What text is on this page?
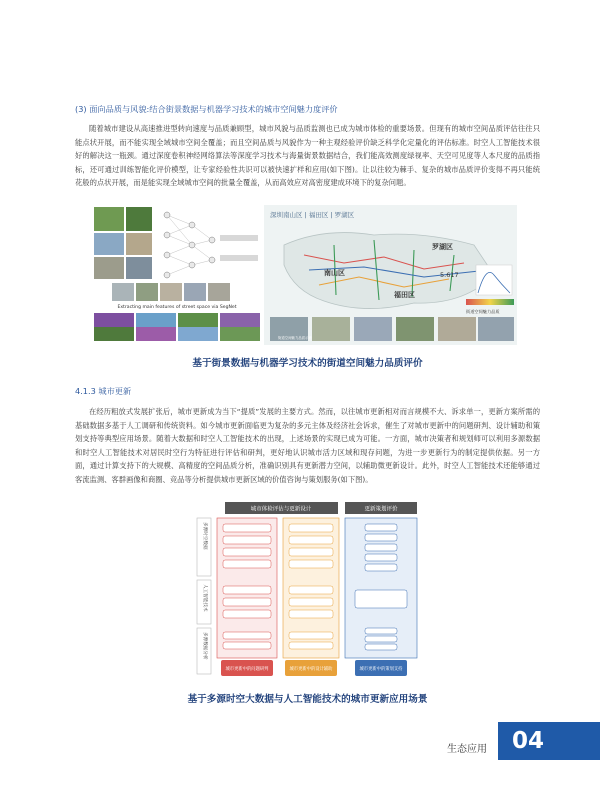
(3) 面向品质与风貌:结合街景数据与机器学习技术的城市空间魅力度评价
随着城市建设从高速推进型转向速度与品质兼顾型，城市风貌与品质监测也已成为城市体检的重要场景。但现有的城市空间品质评估往往只能点状开展，而不能实现全域城市空间全覆盖；而且空间品质与风貌作为一种主观经验评价缺乏科学化定量化的评估标准。时空人工智能技术很好的解决这一瓶颈。通过深度卷积神经网络算法等深度学习技术与海量街景数据结合，我们能高效测度绿视率、天空可见度等人本尺度的品质指标，还可通过训练智能化评价模型，让专家经验性共识可以被快速扩样和应用(如下图)。让以往较为棘手、复杂的城市品质评价变得不再只能统花般的点状开展，而是能实现全域城市空间的批量全覆盖，从而高效应对高密度建成环境下的复杂问题。
Extracting main features of street space via SegNet
深圳南山区 | 福田区 | 罗湖区
南山区
福田区
罗湖区
5.617
街道空间魅力品质
街道空间魅力品质示意
基于街景数据与机器学习技术的街道空间魅力品质评价
4.1.3 城市更新
在经历粗放式发展扩张后，城市更新成为当下“提质”发展的主要方式。然而，以往城市更新相对而言规模不大、诉求单一，更新方案所需的基础数据多基于人工调研和传统资料。如今城市更新面临更为复杂的多元主体及经济社会诉求，催生了对城市更新中的问题研判、设计辅助和策划支持等典型应用场景。随着大数据和时空人工智能技术的出现，上述场景的实现已成为可能。一方面，城市决策者和规划师可以利用多源数据和时空人工智能技术对居民时空行为特征进行评估和研判，更好地认识城市活力区域和现存问题，为进一步更新行为的制定提供依据。另一方面，通过计算支持下的大规模、高精度的空间品质分析，准确识别具有更新潜力空间，以辅助微更新设计。此外，时空人工智能技术还能够通过客流监测、客群画像和商圈、竞品等分析提供城市更新区域的价值咨询与策划服务(如下图)。
城市体检评估与更新设计	更新策划评价
多源时空数据
人工智能技术
多源数据分析
城市更新中的问题研判	城市更新中的设计辅助	城市更新中的策划支持
基于多源时空大数据与人工智能技术的城市更新应用场景
生态应用	04
